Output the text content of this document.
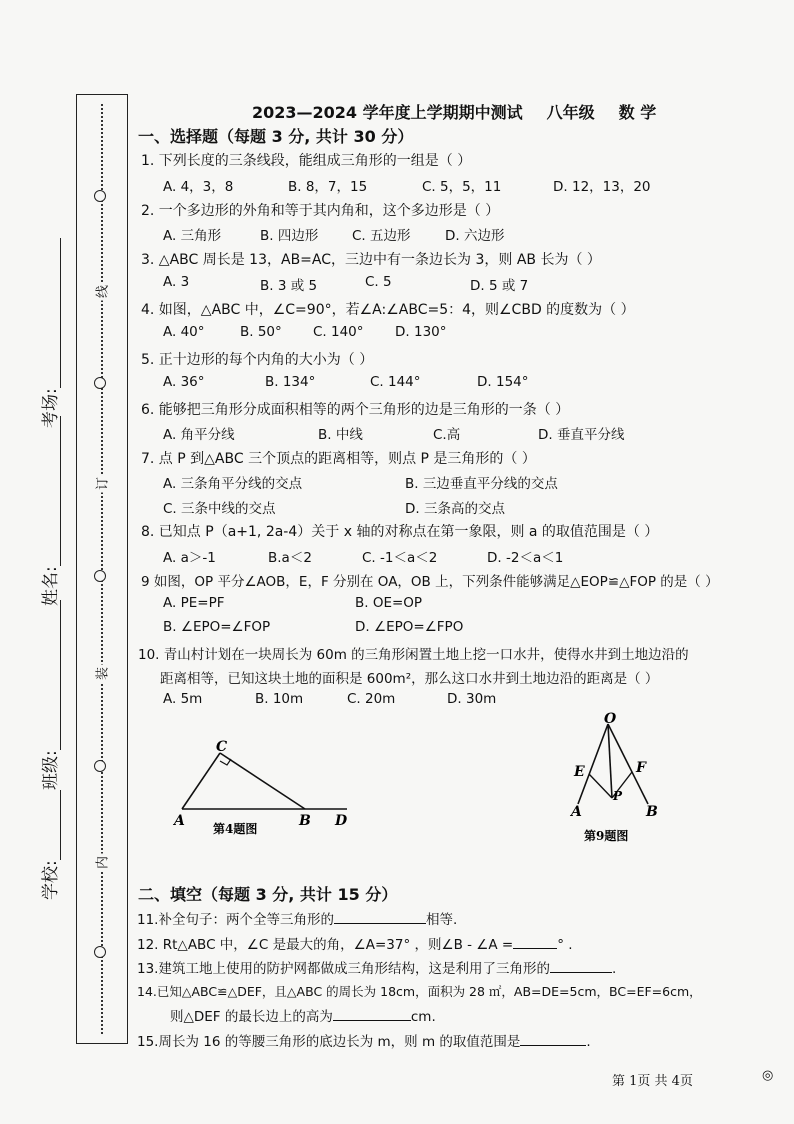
线
订
装
内
考场:
姓名:
班级:
学校:
2023—2024 学年度上学期期中测试 八年级 数 学
一、选择题（每题 3 分, 共计 30 分）
1. 下列长度的三条线段，能组成三角形的一组是（ ）
A. 4，3，8	B. 8，7，15	C. 5，5，11	D. 12，13，20
2. 一个多边形的外角和等于其内角和，这个多边形是（ ）
A. 三角形	B. 四边形 C. 五边形	D. 六边形
3. △ABC 周长是 13，AB=AC，三边中有一条边长为 3，则 AB 长为（ ）
A. 3	B. 3 或 5	C. 5	D. 5 或 7
4. 如图，△ABC 中，∠C=90°，若∠A:∠ABC=5：4，则∠CBD 的度数为（ ）
A. 40°	B. 50° C. 140° D. 130°
5. 正十边形的每个内角的大小为（ ）
A. 36°	B. 134°	C. 144°	D. 154°
6. 能够把三角形分成面积相等的两个三角形的边是三角形的一条（ ）
A. 角平分线	B. 中线	C.高	D. 垂直平分线
7. 点 P 到△ABC 三个顶点的距离相等，则点 P 是三角形的（ ）
A. 三条角平分线的交点	B. 三边垂直平分线的交点
C. 三条中线的交点	D. 三条高的交点
8. 已知点 P（a+1, 2a-4）关于 x 轴的对称点在第一象限，则 a 的取值范围是（ ）
A. a＞-1	B.a＜2	C. -1＜a＜2	D. -2＜a＜1
9 如图，OP 平分∠AOB，E，F 分别在 OA，OB 上，下列条件能够满足△EOP≌△FOP 的是（ ）
A. PE=PF	B. OE=OP
B. ∠EPO=∠FOP	D. ∠EPO=∠FPO
10. 青山村计划在一块周长为 60m 的三角形闲置土地上挖一口水井，使得水井到土地边沿的
距离相等，已知这块土地的面积是 600m²，那么这口水井到土地边沿的距离是（ ）
A. 5m	B. 10m	C. 20m	D. 30m
C
A	B D
第4题图
O
E	F
P
A	B
第9题图
二、填空（每题 3 分, 共计 15 分）
11.补全句子：两个全等三角形的	相等.
12. Rt△ABC 中，∠C 是最大的角，∠A=37° ，则∠B - ∠A =	° .
13.建筑工地上使用的防护网都做成三角形结构，这是利用了三角形的	.
14.已知△ABC≌△DEF，且△ABC 的周长为 18cm，面积为 28 ㎡，AB=DE=5cm，BC=EF=6cm，
则△DEF 的最长边上的高为	cm.
15.周长为 16 的等腰三角形的底边长为 m，则 m 的取值范围是	.
第 1页 共 4页	◎
